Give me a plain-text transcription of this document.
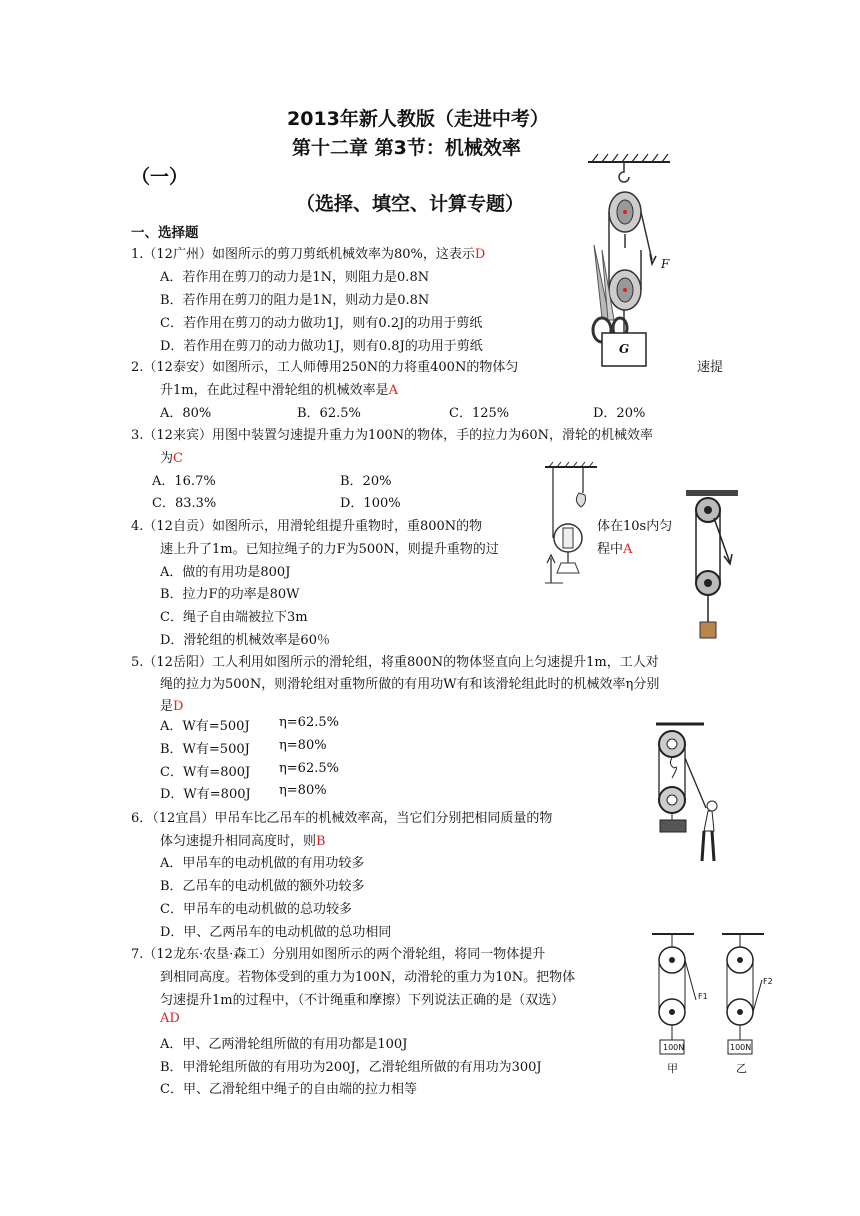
2013年新人教版（走进中考）
第十二章 第3节：机械效率
（一）
（选择、填空、计算专题）
一、选择题
1.（12广州）如图所示的剪刀剪纸机械效率为80%，这表示D
A．若作用在剪刀的动力是1N，则阻力是0.8N
B．若作用在剪刀的阻力是1N，则动力是0.8N
C．若作用在剪刀的动力做功1J，则有0.2J的功用于剪纸
D．若作用在剪刀的动力做功1J，则有0.8J的功用于剪纸
2.（12泰安）如图所示，工人师傅用250N的力将重400N的物体匀	速提
升1m，在此过程中滑轮组的机械效率是A
A．80%	B．62.5%	C．125%	D．20%
3.（12来宾）用图中装置匀速提升重力为100N的物体，手的拉力为60N，滑轮的机械效率
为C
A．16.7%	B．20%
C．83.3%	D．100%
4.（12自贡）如图所示，用滑轮组提升重物时，重800N的物	体在10s内匀
速上升了1m。已知拉绳子的力F为500N，则提升重物的过	程中A
A．做的有用功是800J
B．拉力F的功率是80W
C．绳子自由端被拉下3m
D．滑轮组的机械效率是60％
5.（12岳阳）工人利用如图所示的滑轮组，将重800N的物体竖直向上匀速提升1m，工人对
绳的拉力为500N，则滑轮组对重物所做的有用功W有和该滑轮组此时的机械效率η分别
是D
A．W有=500J η=62.5%
B．W有=500J η=80%
C．W有=800J η=62.5%
D．W有=800J η=80%
6．（12宜昌）甲吊车比乙吊车的机械效率高，当它们分别把相同质量的物
体匀速提升相同高度时，则B
A．甲吊车的电动机做的有用功较多
B．乙吊车的电动机做的额外功较多
C．甲吊车的电动机做的总功较多
D．甲、乙两吊车的电动机做的总功相同
7.（12龙东·农垦·森工）分别用如图所示的两个滑轮组，将同一物体提升
到相同高度。若物体受到的重力为100N，动滑轮的重力为10N。把物体
匀速提升1m的过程中，（不计绳重和摩擦）下列说法正确的是（双选）
AD
A．甲、乙两滑轮组所做的有用功都是100J
B．甲滑轮组所做的有用功为200J，乙滑轮组所做的有用功为300J
C．甲、乙滑轮组中绳子的自由端的拉力相等
F
G
100N	100N
F1
F2
甲	乙
